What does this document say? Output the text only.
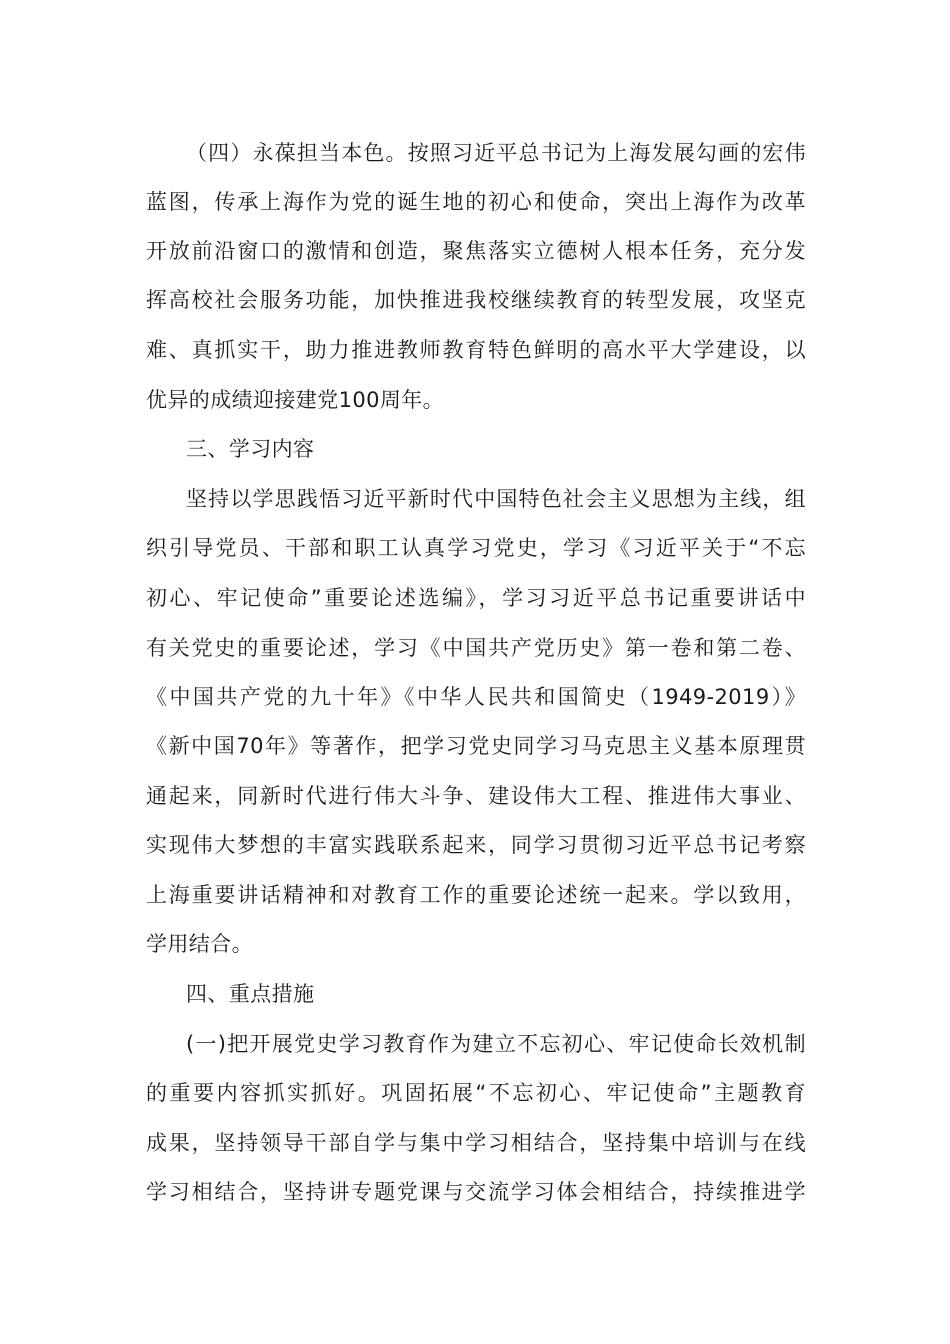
（四）永葆担当本色。按照习近平总书记为上海发展勾画的宏伟
蓝图，传承上海作为党的诞生地的初心和使命，突出上海作为改革
开放前沿窗口的激情和创造，聚焦落实立德树人根本任务，充分发
挥高校社会服务功能，加快推进我校继续教育的转型发展，攻坚克
难、真抓实干，助力推进教师教育特色鲜明的高水平大学建设，以
优异的成绩迎接建党100周年。
三、学习内容
坚持以学思践悟习近平新时代中国特色社会主义思想为主线，组
织引导党员、干部和职工认真学习党史，学习《习近平关于“不忘
初心、牢记使命”重要论述选编》，学习习近平总书记重要讲话中
有关党史的重要论述，学习《中国共产党历史》第一卷和第二卷、
《中国共产党的九十年》《中华人民共和国简史（1949-2019）》
《新中国70年》等著作，把学习党史同学习马克思主义基本原理贯
通起来，同新时代进行伟大斗争、建设伟大工程、推进伟大事业、
实现伟大梦想的丰富实践联系起来，同学习贯彻习近平总书记考察
上海重要讲话精神和对教育工作的重要论述统一起来。学以致用，
学用结合。
四、重点措施
(一)把开展党史学习教育作为建立不忘初心、牢记使命长效机制
的重要内容抓实抓好。巩固拓展“不忘初心、牢记使命”主题教育
成果，坚持领导干部自学与集中学习相结合，坚持集中培训与在线
学习相结合，坚持讲专题党课与交流学习体会相结合，持续推进学
